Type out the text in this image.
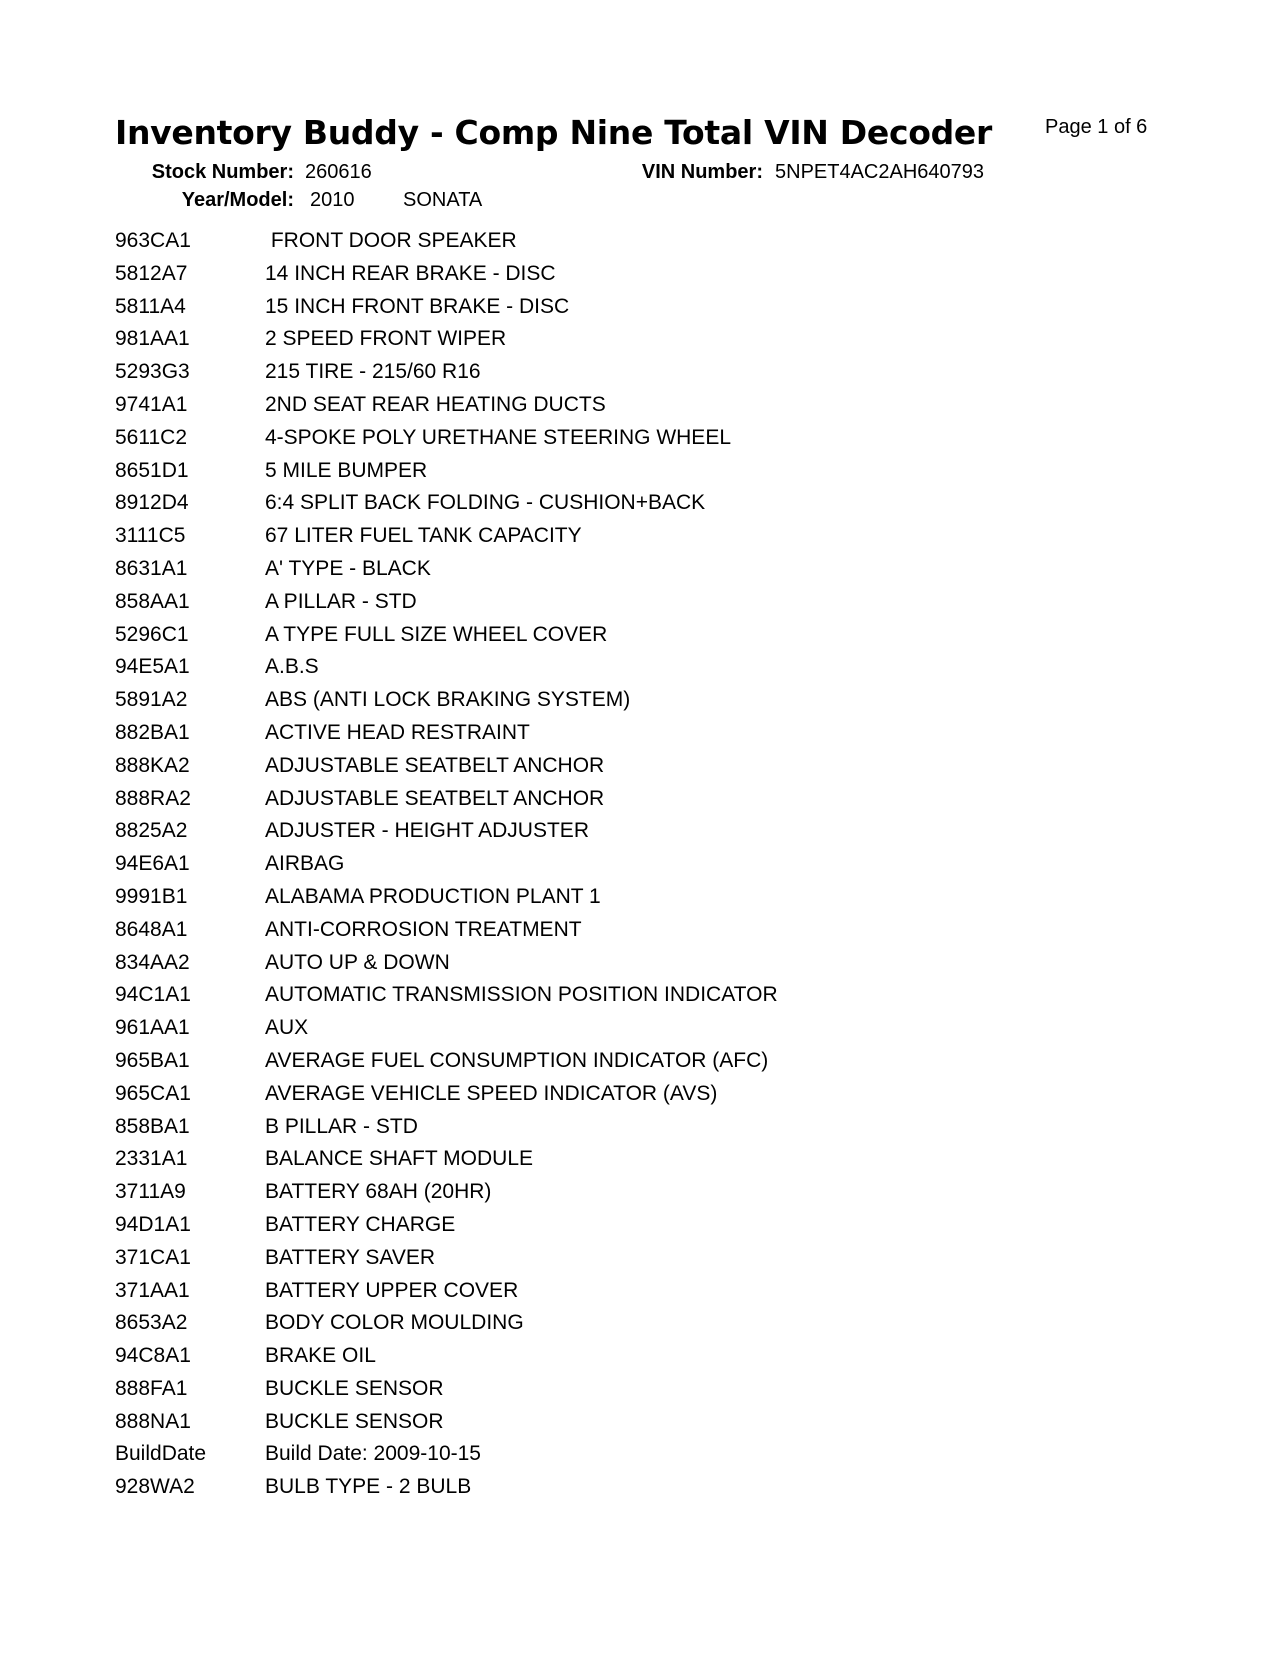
Inventory Buddy - Comp Nine Total VIN Decoder	Page 1 of 6
Stock Number: 260616	VIN Number: 5NPET4AC2AH640793
Year/Model: 2010 SONATA
963CA1	FRONT DOOR SPEAKER
5812A7	14 INCH REAR BRAKE - DISC
5811A4	15 INCH FRONT BRAKE - DISC
981AA1	2 SPEED FRONT WIPER
5293G3	215 TIRE - 215/60 R16
9741A1	2ND SEAT REAR HEATING DUCTS
5611C2	4-SPOKE POLY URETHANE STEERING WHEEL
8651D1	5 MILE BUMPER
8912D4	6:4 SPLIT BACK FOLDING - CUSHION+BACK
3111C5	67 LITER FUEL TANK CAPACITY
8631A1	A' TYPE - BLACK
858AA1	A PILLAR - STD
5296C1	A TYPE FULL SIZE WHEEL COVER
94E5A1	A.B.S
5891A2	ABS (ANTI LOCK BRAKING SYSTEM)
882BA1	ACTIVE HEAD RESTRAINT
888KA2	ADJUSTABLE SEATBELT ANCHOR
888RA2	ADJUSTABLE SEATBELT ANCHOR
8825A2	ADJUSTER - HEIGHT ADJUSTER
94E6A1	AIRBAG
9991B1	ALABAMA PRODUCTION PLANT 1
8648A1	ANTI-CORROSION TREATMENT
834AA2	AUTO UP & DOWN
94C1A1	AUTOMATIC TRANSMISSION POSITION INDICATOR
961AA1	AUX
965BA1	AVERAGE FUEL CONSUMPTION INDICATOR (AFC)
965CA1	AVERAGE VEHICLE SPEED INDICATOR (AVS)
858BA1	B PILLAR - STD
2331A1	BALANCE SHAFT MODULE
3711A9	BATTERY 68AH (20HR)
94D1A1	BATTERY CHARGE
371CA1	BATTERY SAVER
371AA1	BATTERY UPPER COVER
8653A2	BODY COLOR MOULDING
94C8A1	BRAKE OIL
888FA1	BUCKLE SENSOR
888NA1	BUCKLE SENSOR
BuildDate	Build Date: 2009-10-15
928WA2	BULB TYPE - 2 BULB
